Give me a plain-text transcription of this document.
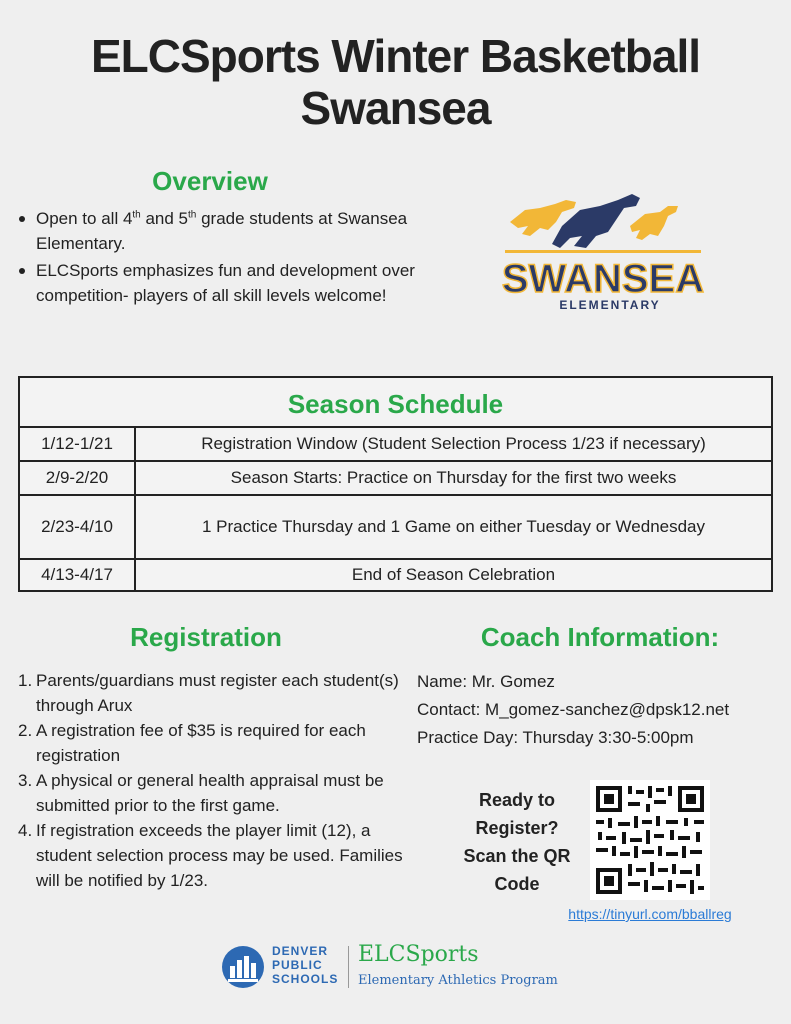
ELCSports Winter Basketball
Swansea
Overview
Open to all 4th and 5th grade students at Swansea Elementary.
ELCSports emphasizes fun and development over competition- players of all skill levels welcome!	SWANSEA
ELEMENTARY
Season Schedule
1/12-1/21	Registration Window (Student Selection Process 1/23 if necessary)
2/9-2/20	Season Starts: Practice on Thursday for the first two weeks
2/23-4/10	1 Practice Thursday and 1 Game on either Tuesday or Wednesday
4/13-4/17	End of Season Celebration
Registration
1. Parents/guardians must register each student(s) through Arux
2. A registration fee of $35 is required for each registration
3. A physical or general health appraisal must be submitted prior to the first game.
4. If registration exceeds the player limit (12), a student selection process may be used. Families will be notified by 1/23.
Coach Information:
Name: Mr. Gomez
Contact: M_gomez-sanchez@dpsk12.net
Practice Day: Thursday 3:30-5:00pm
Ready to
Register?
Scan the QR
Code
https://tinyurl.com/bballreg
DENVER
PUBLIC
SCHOOLS
ELCSports
Elementary Athletics Program
